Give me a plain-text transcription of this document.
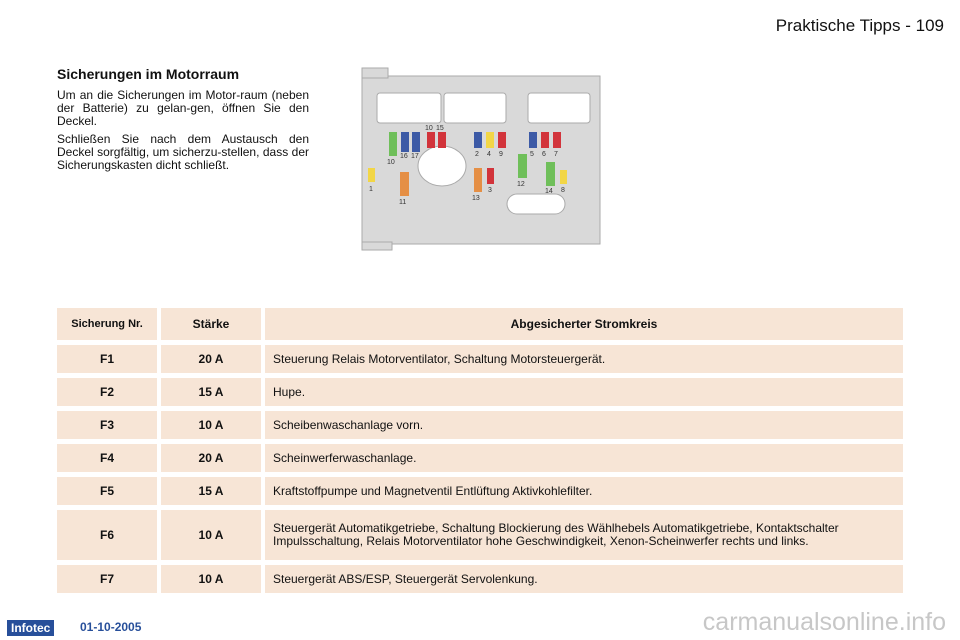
Praktische Tipps - 109
Sicherungen im Motorraum

Um an die Sicherungen im Motor-raum (neben der Batterie) zu gelan-gen, öffnen Sie den Deckel.

Schließen Sie nach dem Austausch den Deckel sorgfältig, um sicherzu-stellen, dass der Sicherungskasten dicht schließt.

1
10
16 17
10 15
11
2 4 9
3
13
12
5 6 7
14 8
Sicherung Nr.	Stärke	Abgesicherter Stromkreis
F1	20 A	Steuerung Relais Motorventilator, Schaltung Motorsteuergerät.
F2	15 A	Hupe.
F3	10 A	Scheibenwaschanlage vorn.
F4	20 A	Scheinwerferwaschanlage.
F5	15 A	Kraftstoffpumpe und Magnetventil Entlüftung Aktivkohlefilter.
F6	10 A	Steuergerät Automatikgetriebe, Schaltung Blockierung des Wählhebels Automatikgetriebe, Kontaktschalter Impulsschaltung, Relais Motorventilator hohe Geschwindigkeit, Xenon-Scheinwerfer rechts und links.
F7	10 A	Steuergerät ABS/ESP, Steuergerät Servolenkung.
Infotec	01-10-2005	carmanualsonline.info
